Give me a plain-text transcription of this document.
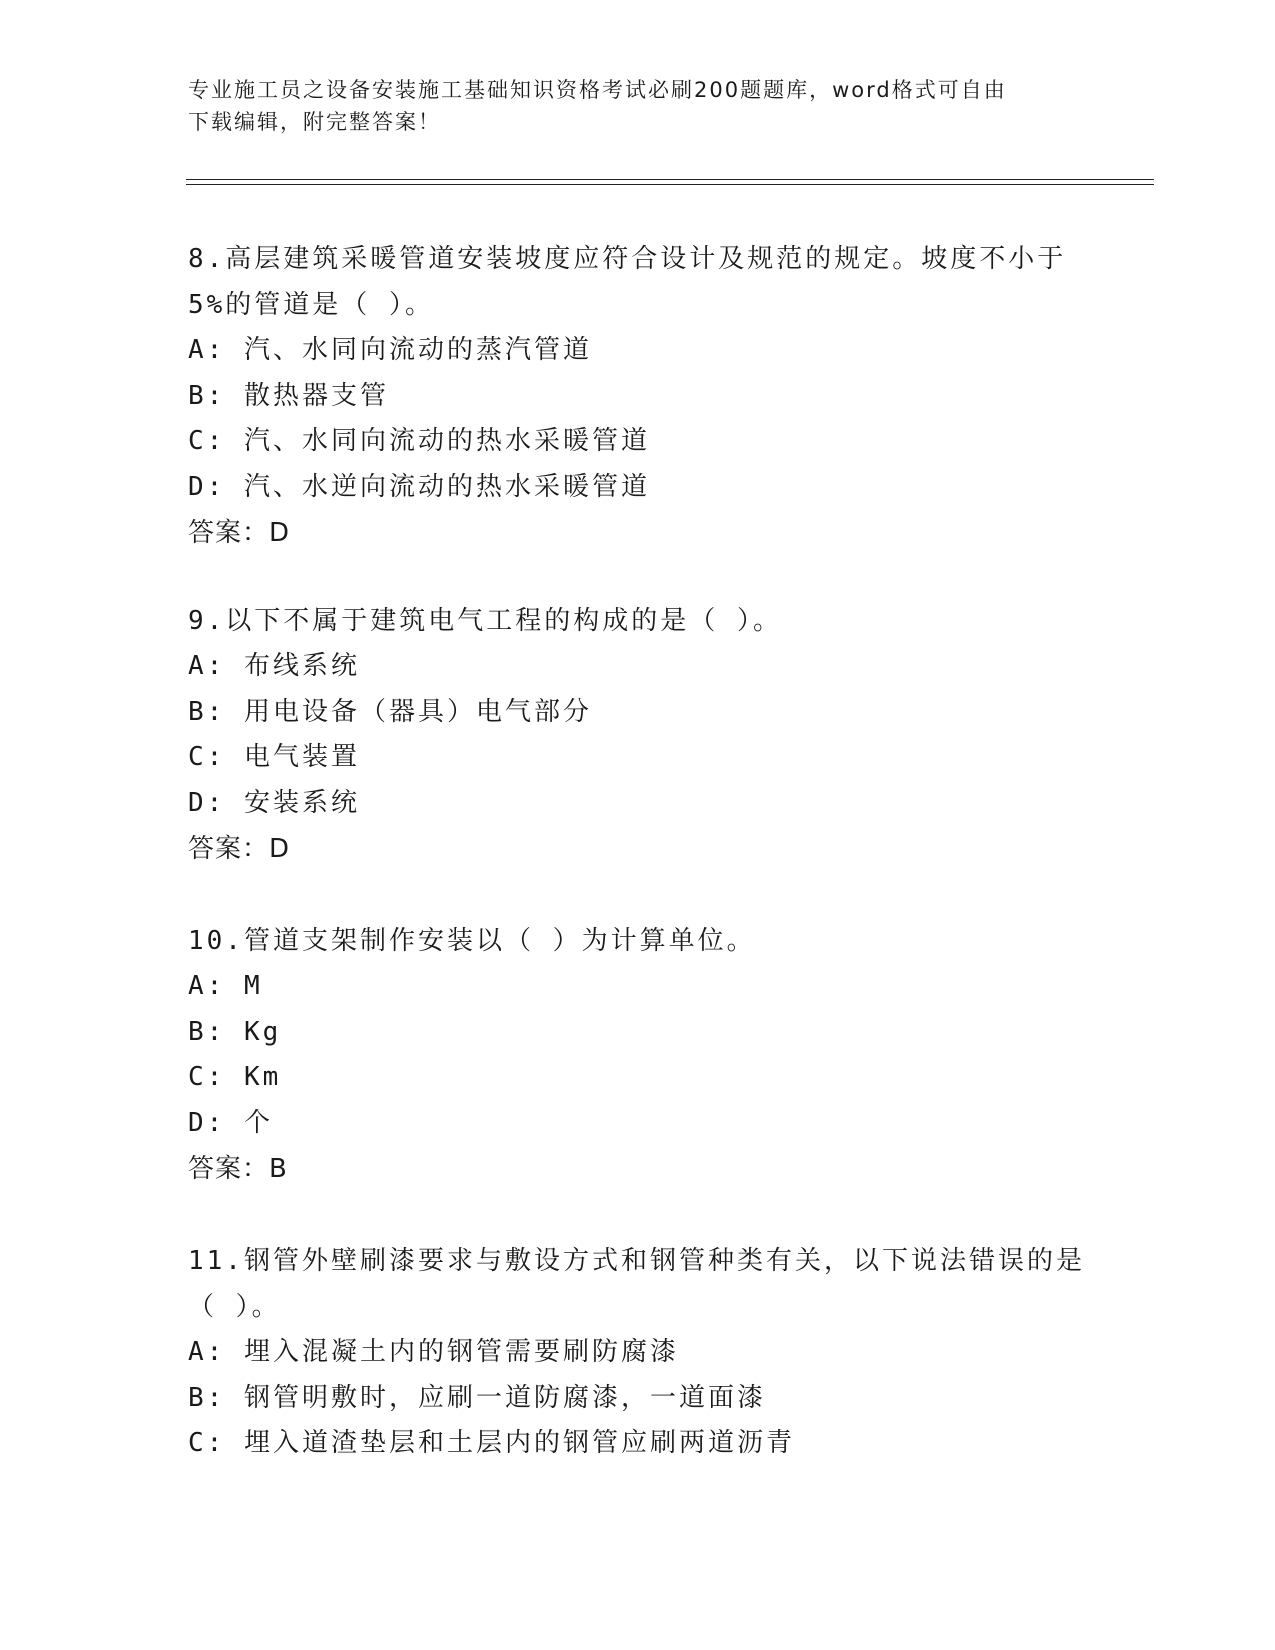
专业施工员之设备安装施工基础知识资格考试必刷200题题库，word格式可自由
下载编辑，附完整答案！

8.高层建筑采暖管道安装坡度应符合设计及规范的规定。坡度不小于

5%的管道是（ ）。

A: 汽、水同向流动的蒸汽管道

B: 散热器支管

C: 汽、水同向流动的热水采暖管道

D: 汽、水逆向流动的热水采暖管道

答案：D

9.以下不属于建筑电气工程的构成的是（ ）。

A: 布线系统

B: 用电设备（器具）电气部分

C: 电气装置

D: 安装系统

答案：D

10.管道支架制作安装以（ ）为计算单位。

A: M

B: Kg

C: Km

D: 个

答案：B

11.钢管外壁刷漆要求与敷设方式和钢管种类有关，以下说法错误的是

（ ）。

A: 埋入混凝土内的钢管需要刷防腐漆

B: 钢管明敷时，应刷一道防腐漆，一道面漆

C: 埋入道渣垫层和土层内的钢管应刷两道沥青
